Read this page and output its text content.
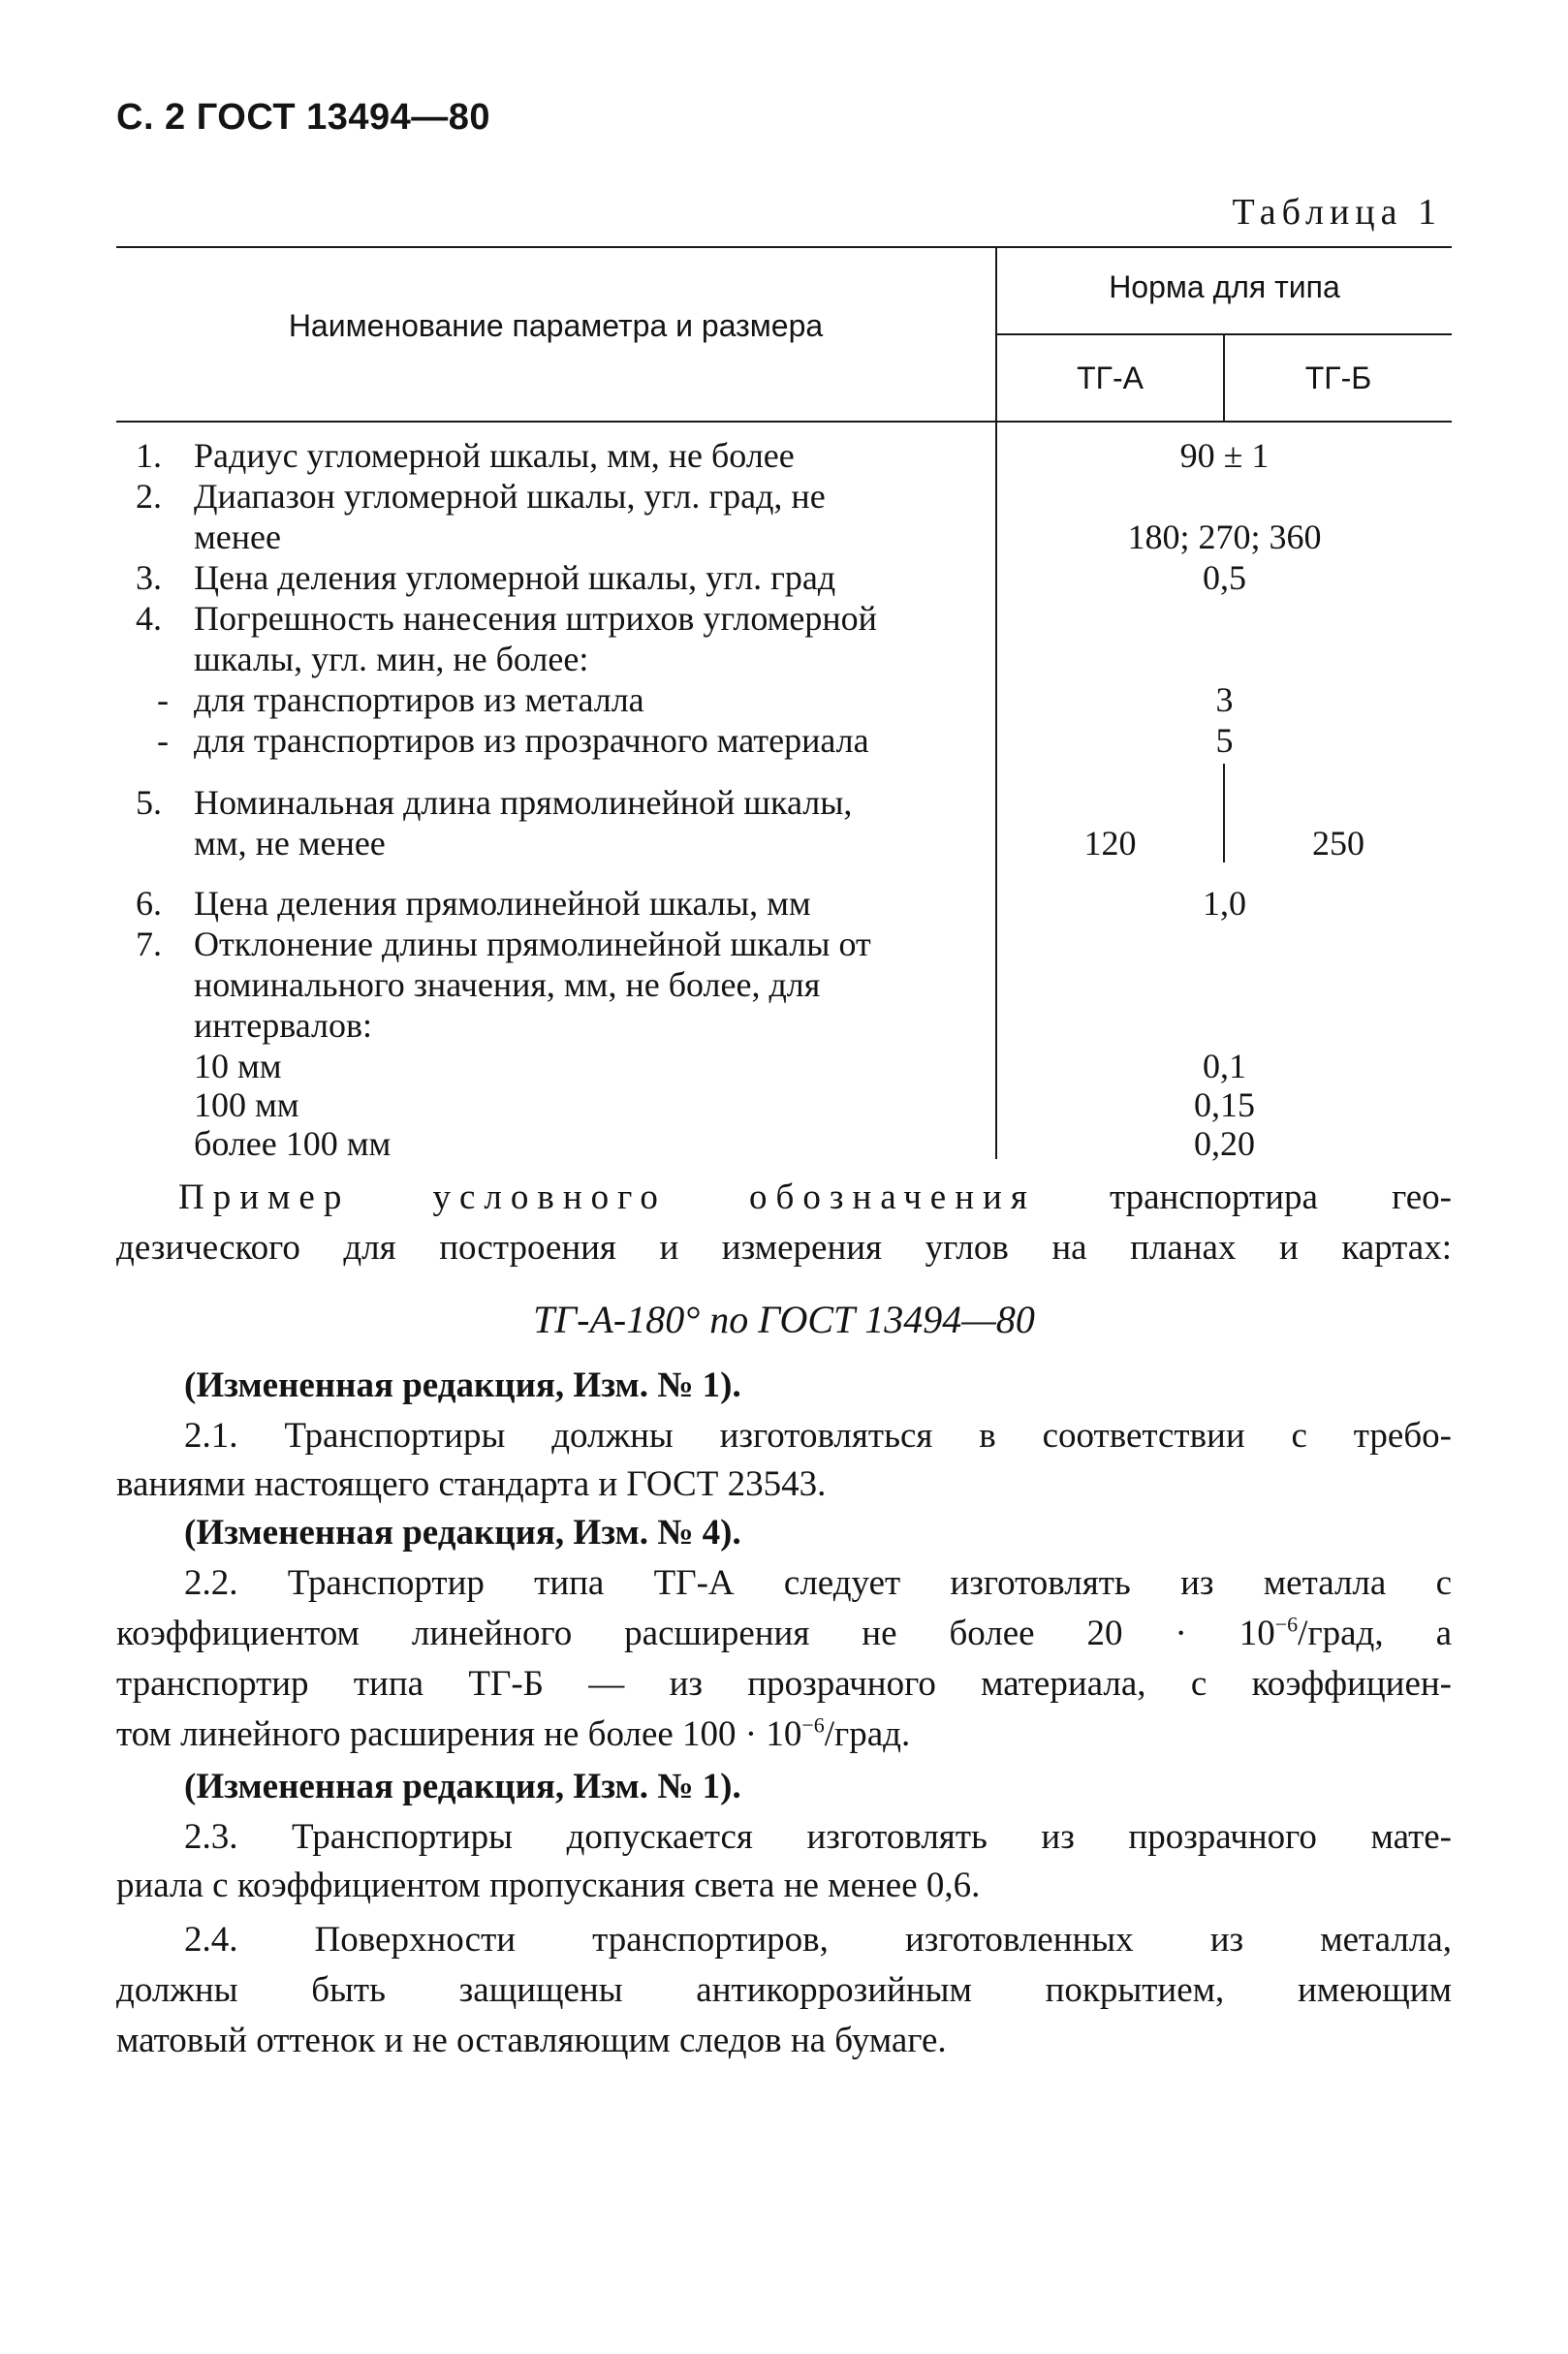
С. 2 ГОСТ 13494—80
Таблица 1
Наименование параметра и размера
Норма для типа
ТГ-А	ТГ-Б
1. Радиус угломерной шкалы, мм, не более	90 ± 1
2. Диапазон угломерной шкалы, угл. град, не
менее	180; 270; 360
3. Цена деления угломерной шкалы, угл. град	0,5
4. Погрешность нанесения штрихов угломерной
шкалы, угл. мин, не более:
- для транспортиров из металла	3
- для транспортиров из прозрачного материала	5
5. Номинальная длина прямолинейной шкалы,
мм, не менее	120	250
6. Цена деления прямолинейной шкалы, мм	1,0
7. Отклонение длины прямолинейной шкалы от
номинального значения, мм, не более, для
интервалов:
10 мм	0,1
100 мм	0,15
более 100 мм	0,20
Пример условного обозначения транспортира гео-
дезического для построения и измерения углов на планах и картах:
ТГ-А-180° по ГОСТ 13494—80
(Измененная редакция, Изм. № 1).
2.1. Транспортиры должны изготовляться в соответствии с требо-
ваниями настоящего стандарта и ГОСТ 23543.
(Измененная редакция, Изм. № 4).
2.2. Транспортир типа ТГ-А следует изготовлять из металла с
коэффициентом линейного расширения не более $20 \cdot 10^{-6}$/град, а
транспортир типа ТГ-Б — из прозрачного материала, с коэффициен-
том линейного расширения не более $100 \cdot 10^{-6}$/град.
(Измененная редакция, Изм. № 1).
2.3. Транспортиры допускается изготовлять из прозрачного мате-
риала с коэффициентом пропускания света не менее 0,6.
2.4. Поверхности транспортиров, изготовленных из металла,
должны быть защищены антикоррозийным покрытием, имеющим
матовый оттенок и не оставляющим следов на бумаге.
